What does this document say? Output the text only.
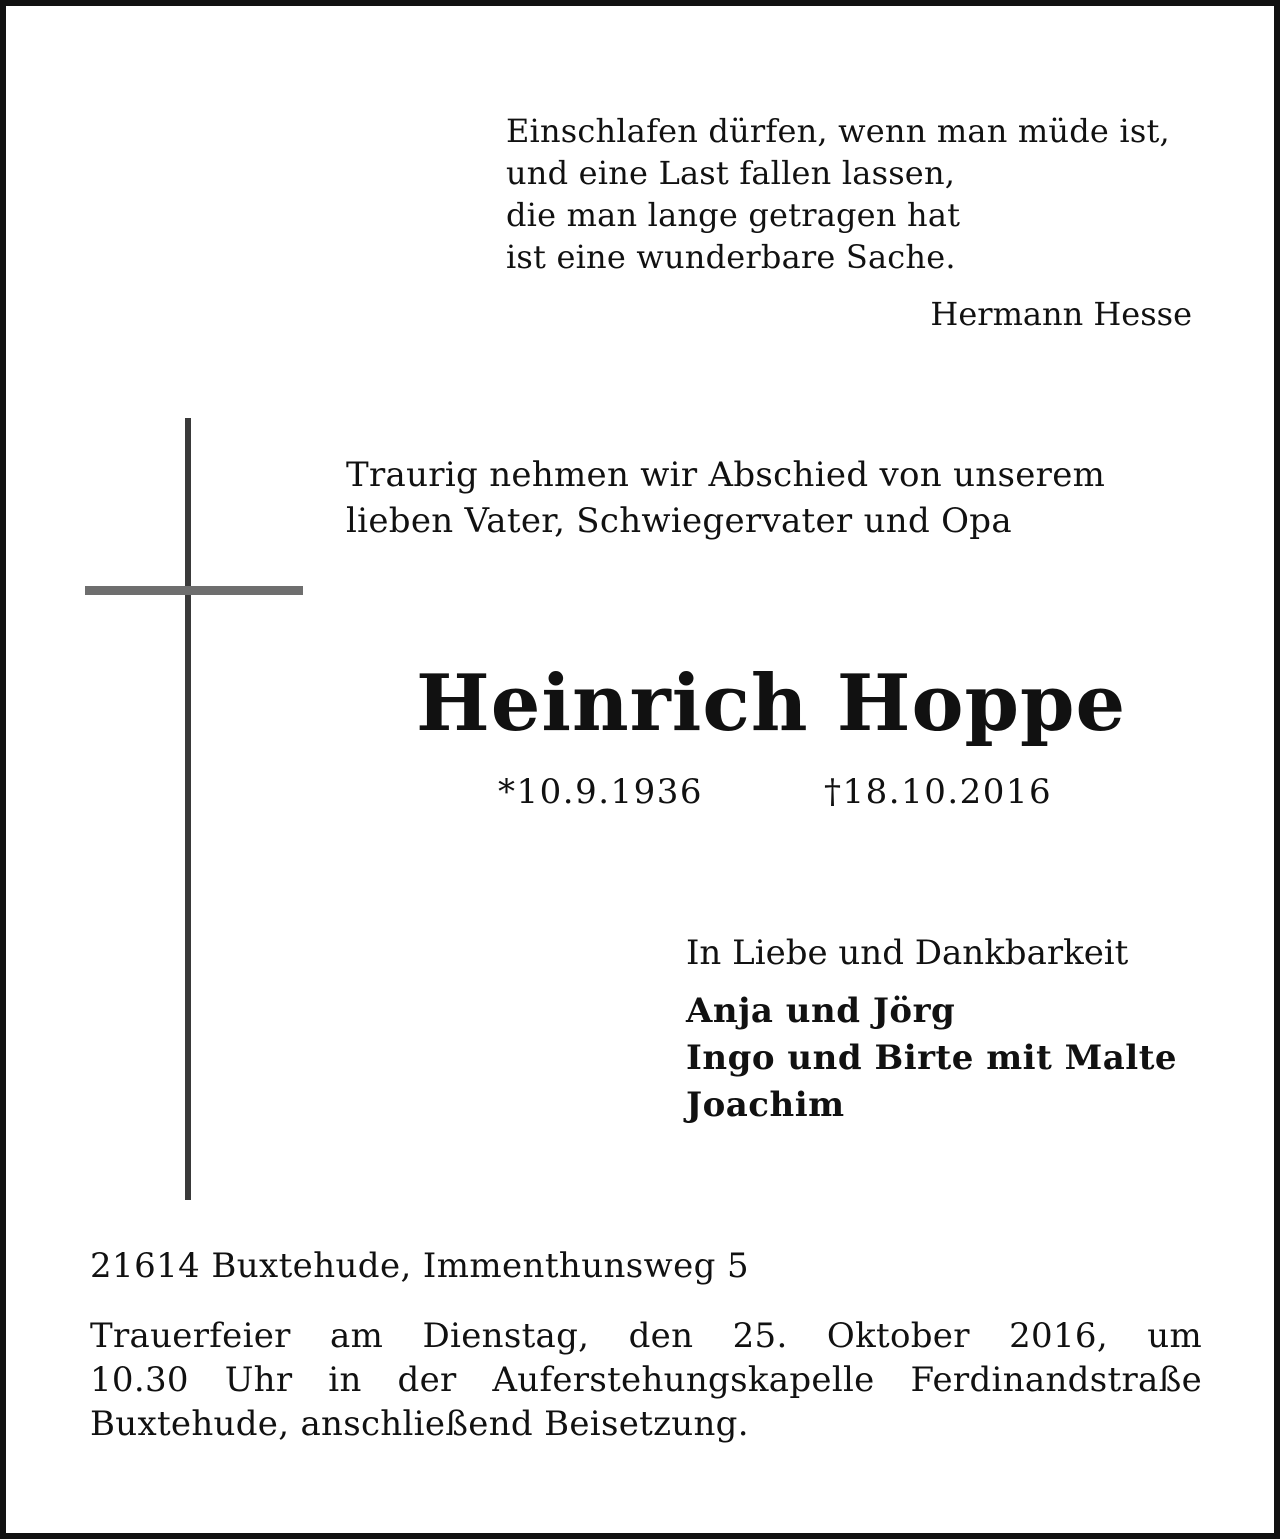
Einschlafen dürfen, wenn man müde ist,
und eine Last fallen lassen,
die man lange getragen hat
ist eine wunderbare Sache.
Hermann Hesse
Traurig nehmen wir Abschied von unserem
lieben Vater, Schwiegervater und Opa
Heinrich Hoppe
*10.9.1936	†18.10.2016
In Liebe und Dankbarkeit
Anja und Jörg
Ingo und Birte mit Malte
Joachim
21614 Buxtehude, Immenthunsweg 5
Trauerfeier am Dienstag, den 25. Oktober 2016, um
10.30 Uhr in der Auferstehungskapelle Ferdinandstraße
Buxtehude, anschließend Beisetzung.
